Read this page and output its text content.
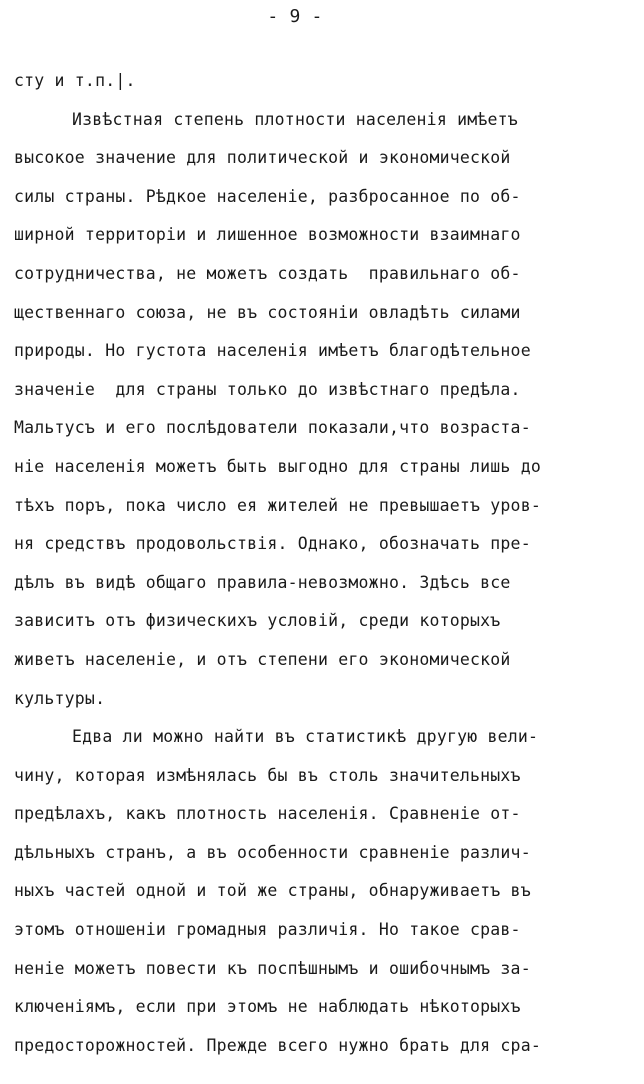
- 9 -
сту и т.п.|.
Извѣстная степень плотности населенія имѣетъ
высокое значение для политической и экономической
силы страны. Рѣдкое населеніе, разбросанное по об-
ширной территоріи и лишенное возможности взаимнаго
сотрудничества, не можетъ создать  правильнаго об-
щественнаго союза, не въ состояніи овладѣть силами
природы. Но густота населенія имѣетъ благодѣтельное
значеніе  для страны только до извѣстнаго предѣла.
Мальтусъ и его послѣдователи показали,что возраста-
ніе населенія можетъ быть выгодно для страны лишь до
тѣхъ поръ, пока число ея жителей не превышаетъ уров-
ня средствъ продовольствія. Однако, обозначать пре-
дѣлъ въ видѣ общаго правила-невозможно. Здѣсь все
зависитъ отъ физическихъ условій, среди которыхъ
живетъ населеніе, и отъ степени его экономической
культуры.
Едва ли можно найти въ статистикѣ другую вели-
чину, которая измѣнялась бы въ столь значительныхъ
предѣлахъ, какъ плотность населенія. Сравненіе от-
дѣльныхъ странъ, а въ особенности сравненіе различ-
ныхъ частей одной и той же страны, обнаруживаетъ въ
этомъ отношеніи громадныя различія. Но такое срав-
неніе можетъ повести къ поспѣшнымъ и ошибочнымъ за-
ключеніямъ, если при этомъ не наблюдать нѣкоторыхъ
предосторожностей. Прежде всего нужно брать для сра-
